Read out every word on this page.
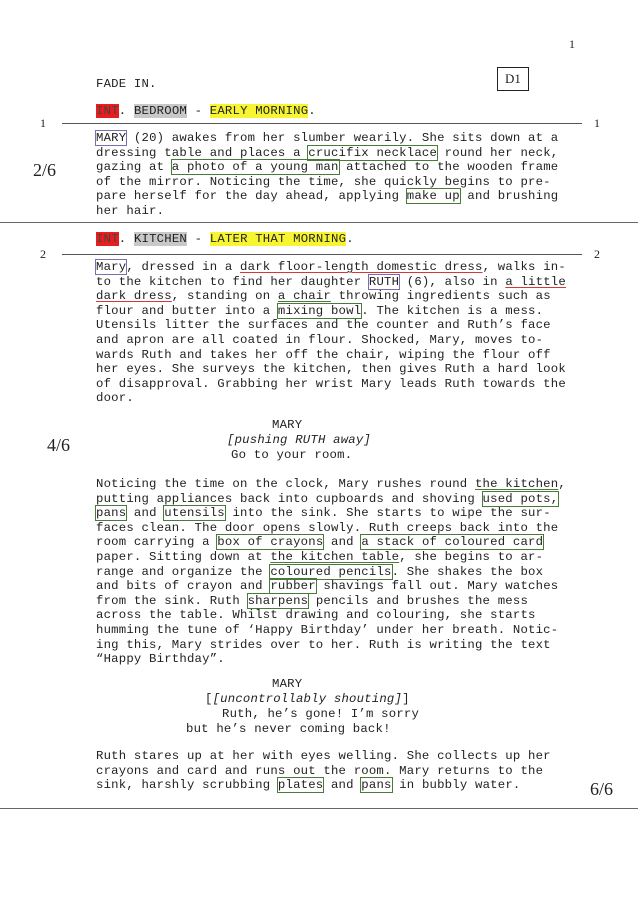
1
D1
FADE IN.
INT. BEDROOM - EARLY MORNING.
1	1
2/6
MARY (20) awakes from her slumber wearily. She sits down at a
dressing table and places a crucifix necklace round her neck,
gazing at a photo of a young man attached to the wooden frame
of the mirror. Noticing the time, she quickly begins to pre-
pare herself for the day ahead, applying make up and brushing
her hair.
INT. KITCHEN - LATER THAT MORNING.
2	2
Mary, dressed in a dark floor-length domestic dress, walks in-
to the kitchen to find her daughter RUTH (6), also in a little
dark dress, standing on a chair throwing ingredients such as
flour and butter into a mixing bowl. The kitchen is a mess.
Utensils litter the surfaces and the counter and Ruth’s face
and apron are all coated in flour. Shocked, Mary, moves to-
wards Ruth and takes her off the chair, wiping the flour off
her eyes. She surveys the kitchen, then gives Ruth a hard look
of disapproval. Grabbing her wrist Mary leads Ruth towards the
door.
MARY
[pushing RUTH away]
Go to your room.
4/6
Noticing the time on the clock, Mary rushes round the kitchen,
putting appliances back into cupboards and shoving used pots,
pans and utensils into the sink. She starts to wipe the sur-
faces clean. The door opens slowly. Ruth creeps back into the
room carrying a box of crayons and a stack of coloured card
paper. Sitting down at the kitchen table, she begins to ar-
range and organize the coloured pencils. She shakes the box
and bits of crayon and rubber shavings fall out. Mary watches
from the sink. Ruth sharpens pencils and brushes the mess
across the table. Whilst drawing and colouring, she starts
humming the tune of ‘Happy Birthday’ under her breath. Notic-
ing this, Mary strides over to her. Ruth is writing the text
“Happy Birthday”.
MARY
[[uncontrollably shouting]]
Ruth, he’s gone! I’m sorry
but he’s never coming back!
Ruth stares up at her with eyes welling. She collects up her
crayons and card and runs out the room. Mary returns to the
sink, harshly scrubbing plates and pans in bubbly water.	6/6
